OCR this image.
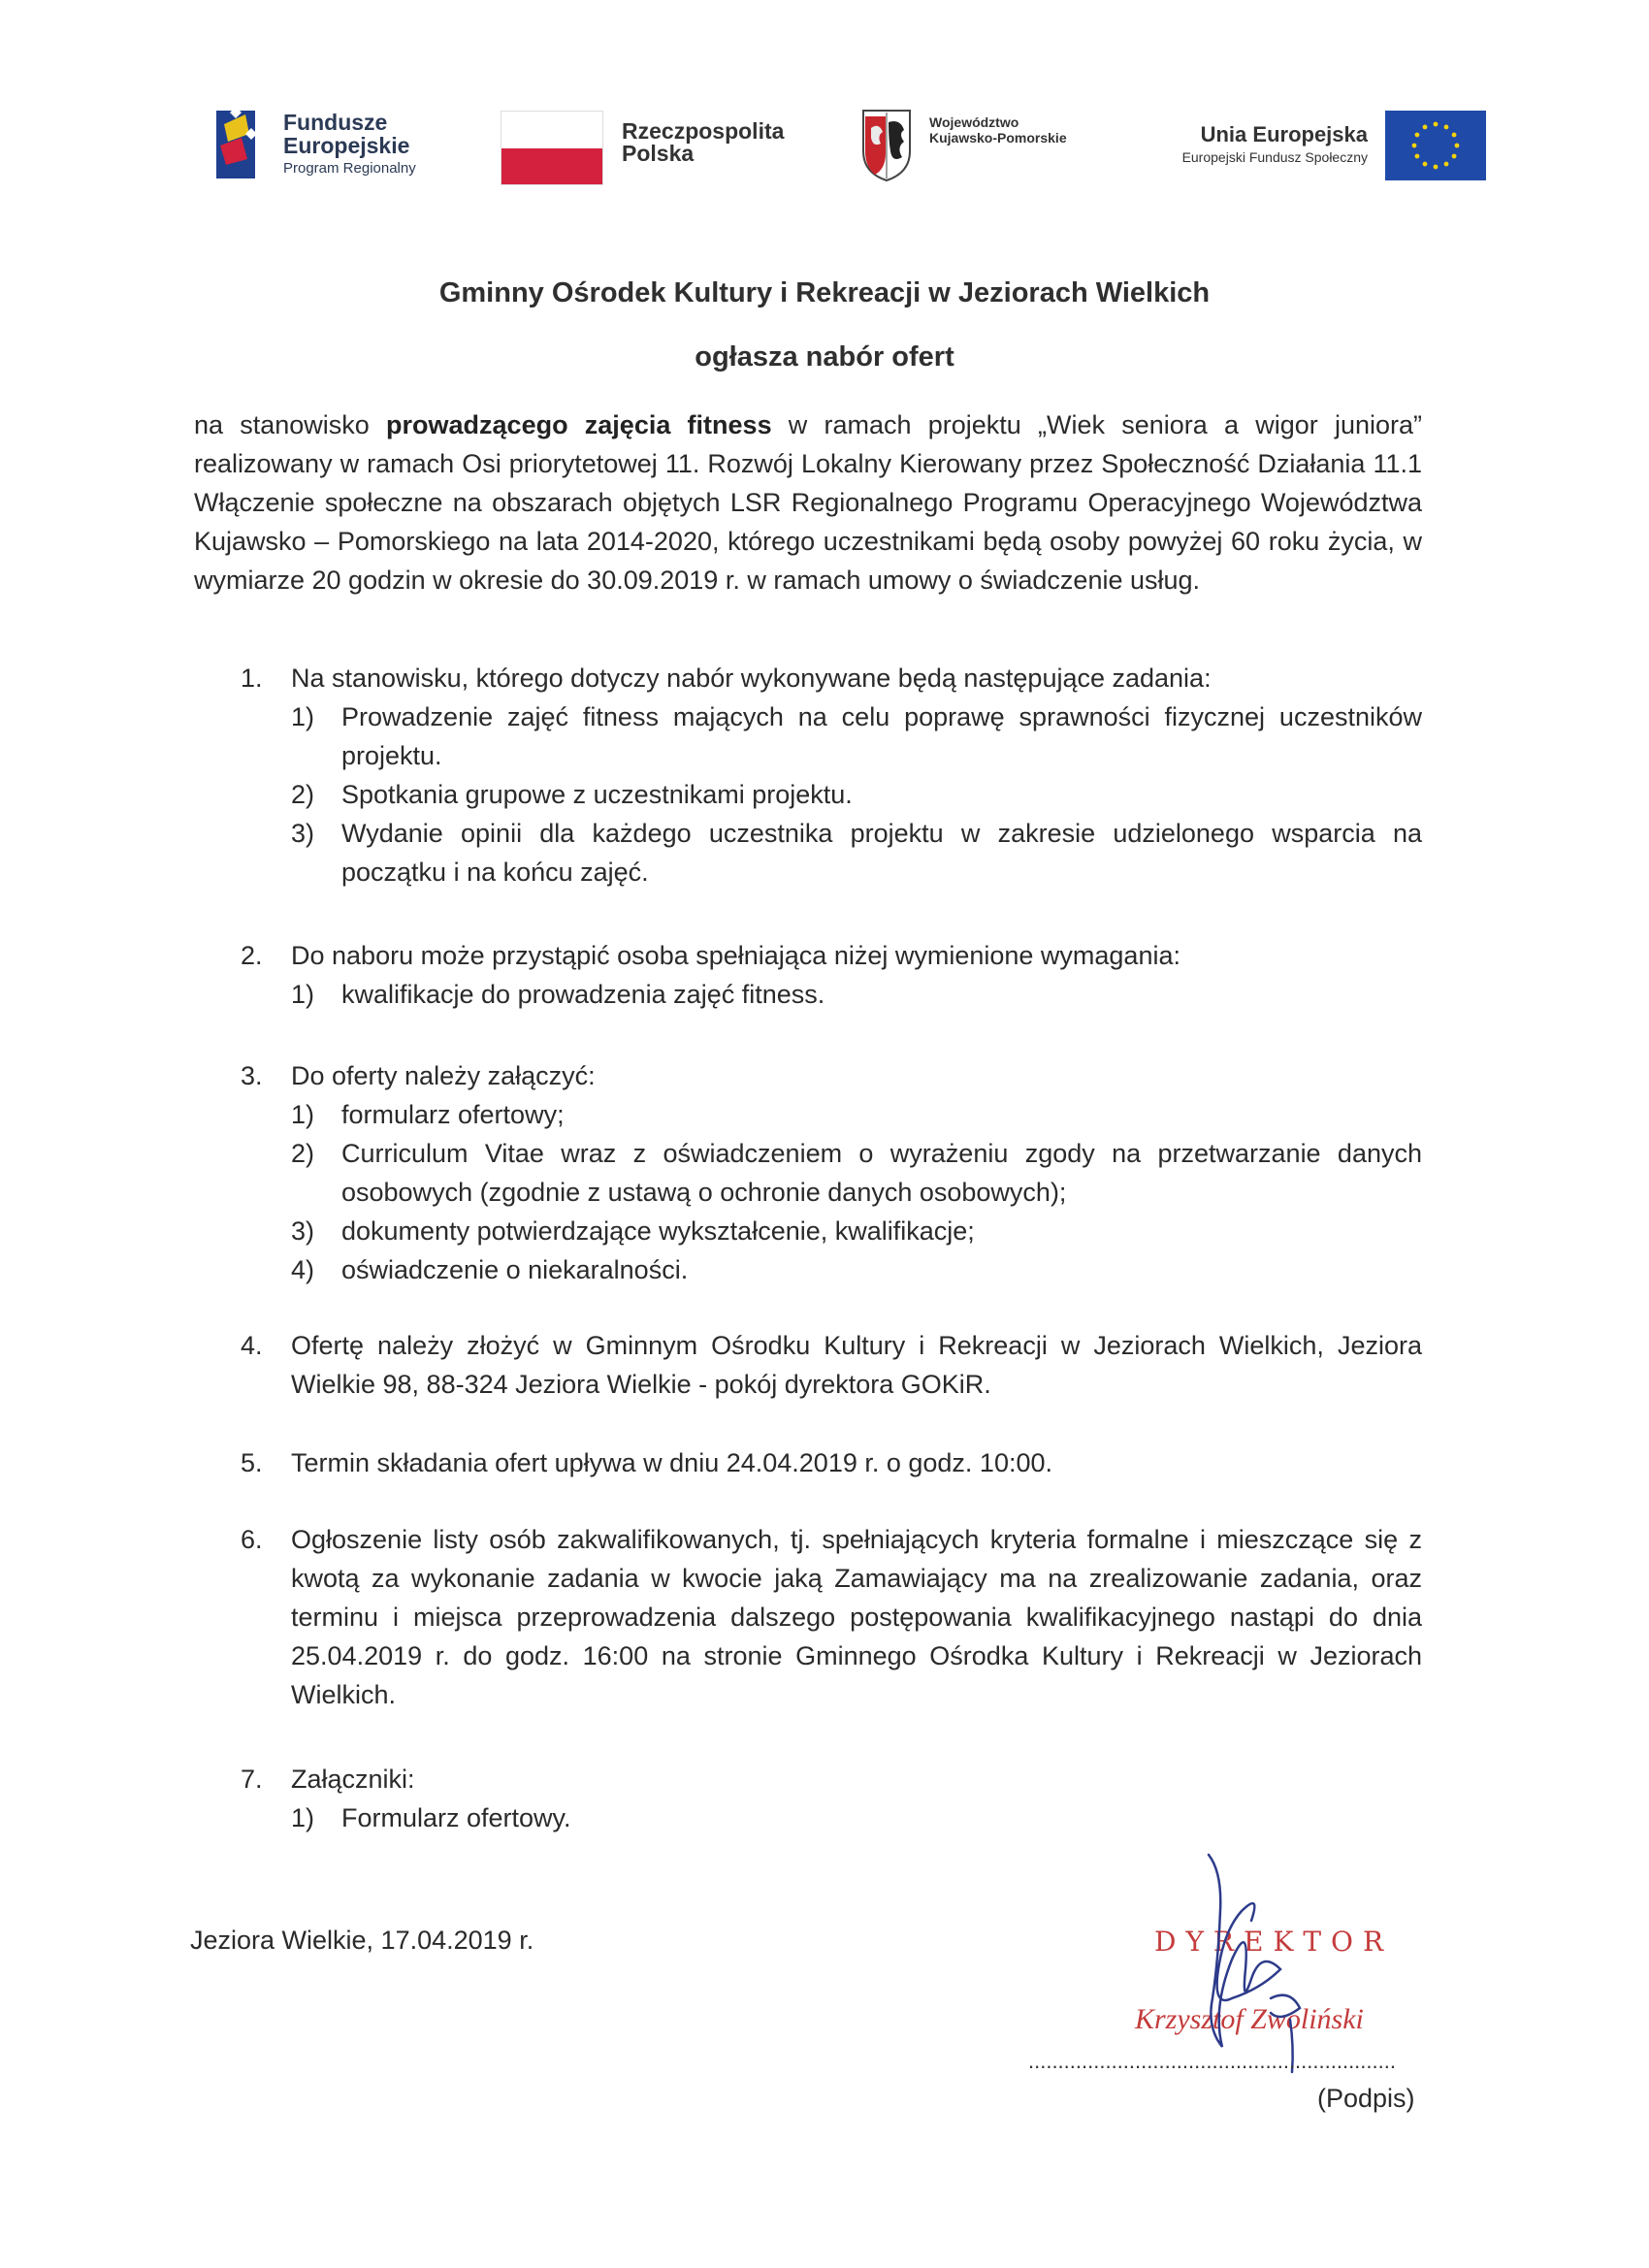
Fundusze
Europejskie
Program Regionalny
Rzeczpospolita
Polska
Województwo
Kujawsko-Pomorskie	Unia Europejska
Europejski Fundusz Społeczny
Gminny Ośrodek Kultury i Rekreacji w Jeziorach Wielkich
ogłasza nabór ofert
na stanowisko prowadzącego zajęcia fitness w ramach projektu „Wiek seniora a wigor juniora” realizowany w ramach Osi priorytetowej 11. Rozwój Lokalny Kierowany przez Społeczność Działania 11.1 Włączenie społeczne na obszarach objętych LSR Regionalnego Programu Operacyjnego Województwa Kujawsko – Pomorskiego na lata 2014-2020, którego uczestnikami będą osoby powyżej 60 roku życia, w wymiarze 20 godzin w okresie do 30.09.2019 r. w ramach umowy o świadczenie usług.
1. Na stanowisku, którego dotyczy nabór wykonywane będą następujące zadania:
1) Prowadzenie zajęć fitness mających na celu poprawę sprawności fizycznej uczestników projektu.
2) Spotkania grupowe z uczestnikami projektu.
3) Wydanie opinii dla każdego uczestnika projektu w zakresie udzielonego wsparcia na początku i na końcu zajęć.
2. Do naboru może przystąpić osoba spełniająca niżej wymienione wymagania:
1) kwalifikacje do prowadzenia zajęć fitness.
3. Do oferty należy załączyć:
1) formularz ofertowy;
2) Curriculum Vitae wraz z oświadczeniem o wyrażeniu zgody na przetwarzanie danych osobowych (zgodnie z ustawą o ochronie danych osobowych);
3) dokumenty potwierdzające wykształcenie, kwalifikacje;
4) oświadczenie o niekaralności.
4. Ofertę należy złożyć w Gminnym Ośrodku Kultury i Rekreacji w Jeziorach Wielkich, Jeziora Wielkie 98, 88-324 Jeziora Wielkie - pokój dyrektora GOKiR.
5. Termin składania ofert upływa w dniu 24.04.2019 r. o godz. 10:00.
6. Ogłoszenie listy osób zakwalifikowanych, tj. spełniających kryteria formalne i mieszczące się z kwotą za wykonanie zadania w kwocie jaką Zamawiający ma na zrealizowanie zadania, oraz terminu i miejsca przeprowadzenia dalszego postępowania kwalifikacyjnego nastąpi do dnia 25.04.2019 r. do godz. 16:00 na stronie Gminnego Ośrodka Kultury i Rekreacji w Jeziorach Wielkich.
7. Załączniki:
1) Formularz ofertowy.
Jeziora Wielkie, 17.04.2019 r.	DYREKTOR
Krzysztof Zwoliński
..............................................................
(Podpis)
